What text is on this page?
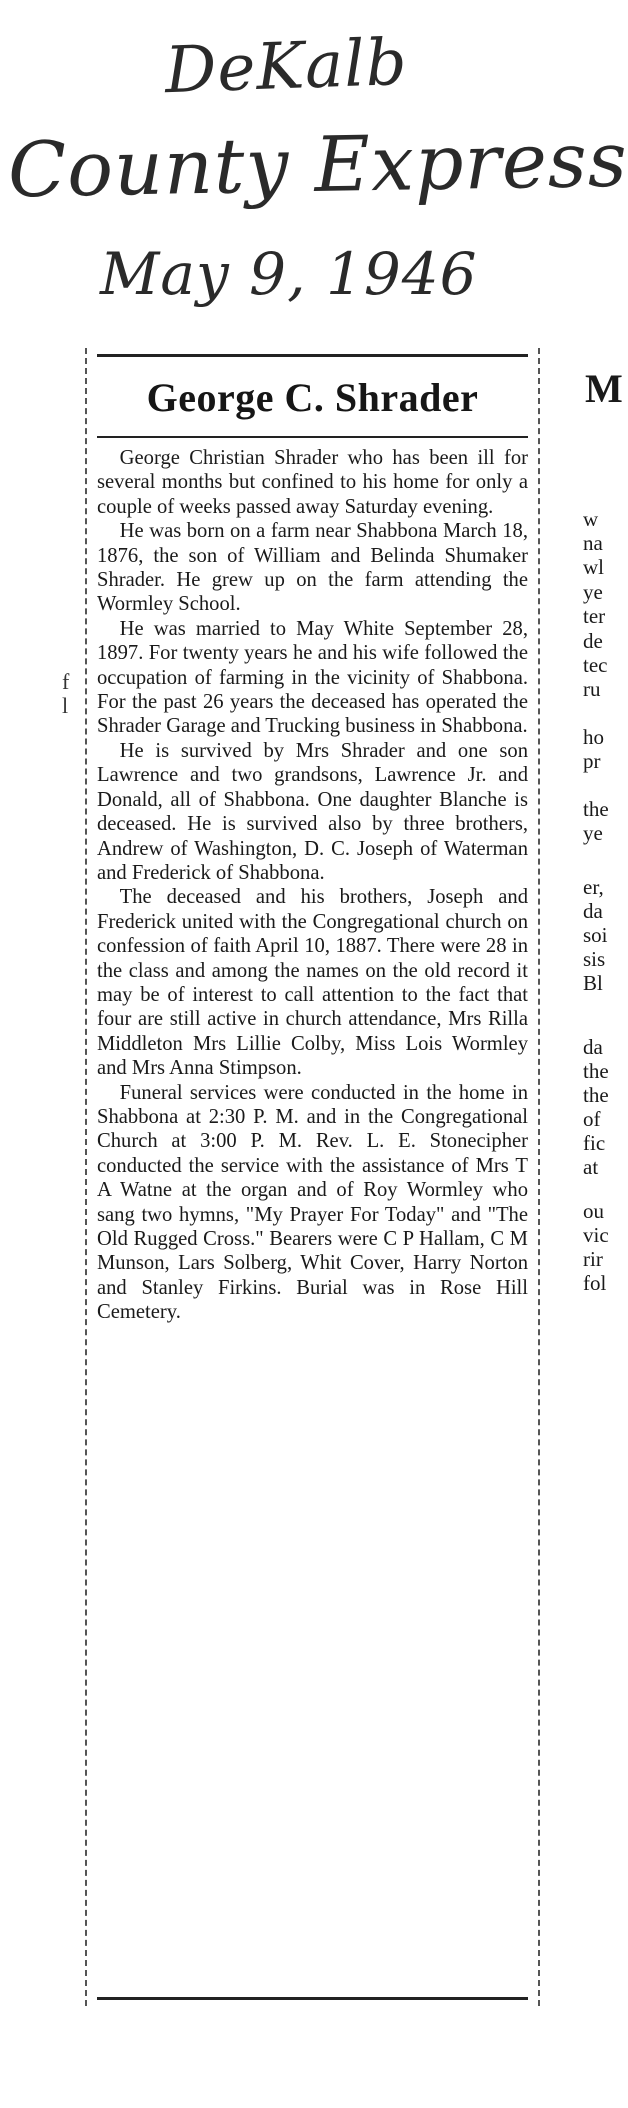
DeKalb
County Express
May 9, 1946
George C. Shrader

George Christian Shrader who has been ill for several months but confined to his home for only a couple of weeks passed away Saturday evening.

He was born on a farm near Shabbona March 18, 1876, the son of William and Belinda Shumaker Shrader. He grew up on the farm attending the Wormley School.

He was married to May White September 28, 1897. For twenty years he and his wife followed the occupation of farming in the vicinity of Shabbona. For the past 26 years the deceased has operated the Shrader Garage and Trucking business in Shabbona.

He is survived by Mrs Shrader and one son Lawrence and two grandsons, Lawrence Jr. and Donald, all of Shabbona. One daughter Blanche is deceased. He is survived also by three brothers, Andrew of Washington, D. C. Joseph of Waterman and Frederick of Shabbona.

The deceased and his brothers, Joseph and Frederick united with the Congregational church on confession of faith April 10, 1887. There were 28 in the class and among the names on the old record it may be of interest to call attention to the fact that four are still active in church attendance, Mrs Rilla Middleton Mrs Lillie Colby, Miss Lois Wormley and Mrs Anna Stimpson.

Funeral services were conducted in the home in Shabbona at 2:30 P. M. and in the Congregational Church at 3:00 P. M. Rev. L. E. Stonecipher conducted the service with the assistance of Mrs T A Watne at the organ and of Roy Wormley who sang two hymns, "My Prayer For Today" and "The Old Rugged Cross." Bearers were C P Hallam, C M Munson, Lars Solberg, Whit Cover, Harry Norton and Stanley Firkins. Burial was in Rose Hill Cemetery.

f
l
M
w
na
wl
ye
ter
de
tec
ru
ho
pr
the
ye
er,
da
soi
sis
Bl
da
the
the
of
fic
at
ou
vic
rir
fol
